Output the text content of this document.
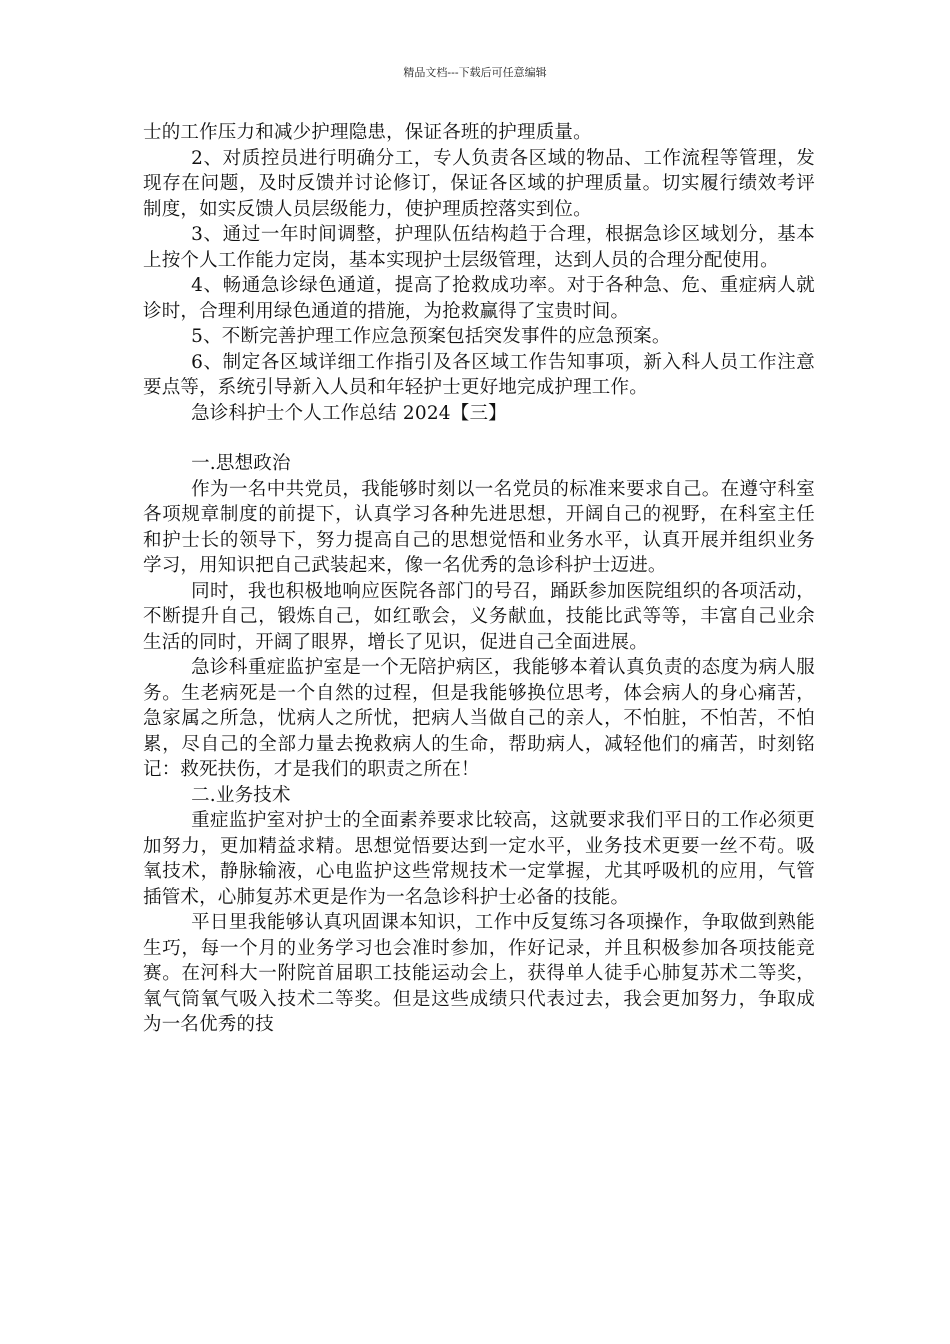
精品文档---下载后可任意编辑

士的工作压力和减少护理隐患，保证各班的护理质量。

2、对质控员进行明确分工，专人负责各区域的物品、工作流程等管理，发现存在问题，及时反馈并讨论修订，保证各区域的护理质量。切实履行绩效考评制度，如实反馈人员层级能力，使护理质控落实到位。

3、通过一年时间调整，护理队伍结构趋于合理，根据急诊区域划分，基本上按个人工作能力定岗，基本实现护士层级管理，达到人员的合理分配使用。

4、畅通急诊绿色通道，提高了抢救成功率。对于各种急、危、重症病人就诊时，合理利用绿色通道的措施，为抢救赢得了宝贵时间。

5、不断完善护理工作应急预案包括突发事件的应急预案。

6、制定各区域详细工作指引及各区域工作告知事项，新入科人员工作注意要点等，系统引导新入人员和年轻护士更好地完成护理工作。

急诊科护士个人工作总结 2024【三】

一.思想政治

作为一名中共党员，我能够时刻以一名党员的标准来要求自己。在遵守科室各项规章制度的前提下，认真学习各种先进思想，开阔自己的视野，在科室主任和护士长的领导下，努力提高自己的思想觉悟和业务水平，认真开展并组织业务学习，用知识把自己武装起来，像一名优秀的急诊科护士迈进。

同时，我也积极地响应医院各部门的号召，踊跃参加医院组织的各项活动，不断提升自己，锻炼自己，如红歌会，义务献血，技能比武等等，丰富自己业余生活的同时，开阔了眼界，增长了见识，促进自己全面进展。

急诊科重症监护室是一个无陪护病区，我能够本着认真负责的态度为病人服务。生老病死是一个自然的过程，但是我能够换位思考，体会病人的身心痛苦，急家属之所急，忧病人之所忧，把病人当做自己的亲人，不怕脏，不怕苦，不怕累，尽自己的全部力量去挽救病人的生命，帮助病人，减轻他们的痛苦，时刻铭记：救死扶伤，才是我们的职责之所在！

二.业务技术

重症监护室对护士的全面素养要求比较高，这就要求我们平日的工作必须更加努力，更加精益求精。思想觉悟要达到一定水平，业务技术更要一丝不苟。吸氧技术，静脉输液，心电监护这些常规技术一定掌握，尤其呼吸机的应用，气管插管术，心肺复苏术更是作为一名急诊科护士必备的技能。

平日里我能够认真巩固课本知识，工作中反复练习各项操作，争取做到熟能生巧，每一个月的业务学习也会准时参加，作好记录，并且积极参加各项技能竞赛。在河科大一附院首届职工技能运动会上，获得单人徒手心肺复苏术二等奖，氧气筒氧气吸入技术二等奖。但是这些成绩只代表过去，我会更加努力，争取成为一名优秀的技
